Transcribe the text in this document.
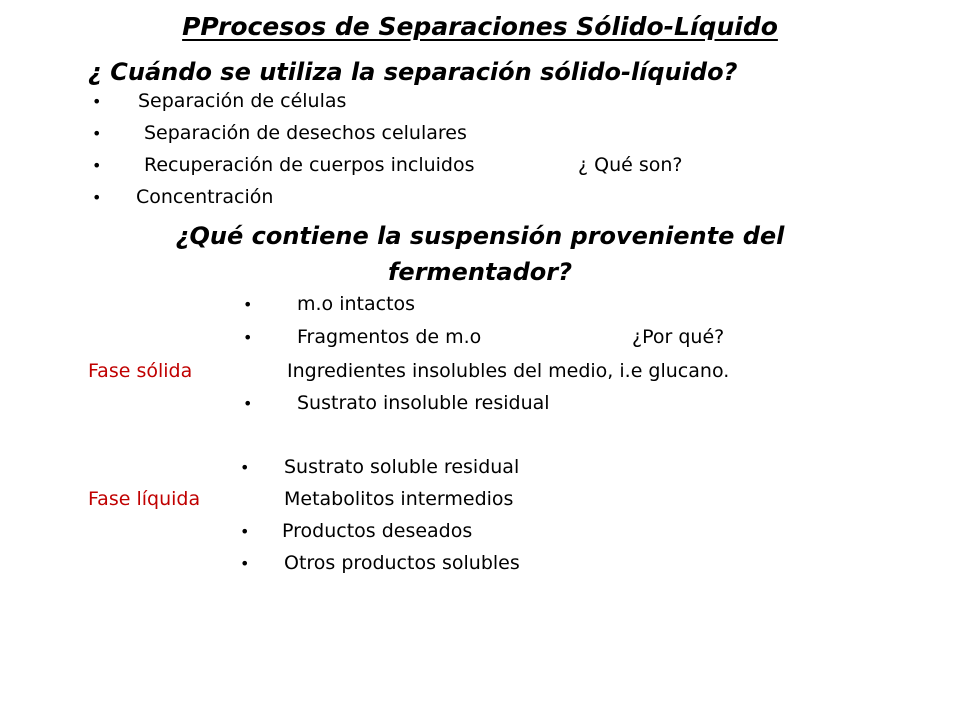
PProcesos de Separaciones Sólido-Líquido
¿ Cuándo se utiliza la separación sólido-líquido?
• Separación de células
• Separación de desechos celulares
• Recuperación de cuerpos incluidos	¿ Qué son?
• Concentración
¿Qué contiene la suspensión proveniente del
fermentador?
• m.o intactos
• Fragmentos de m.o	¿Por qué?
Fase sólida	Ingredientes insolubles del medio, i.e glucano.
• Sustrato insoluble residual
• Sustrato soluble residual
Fase líquida	Metabolitos intermedios
• Productos deseados
• Otros productos solubles
